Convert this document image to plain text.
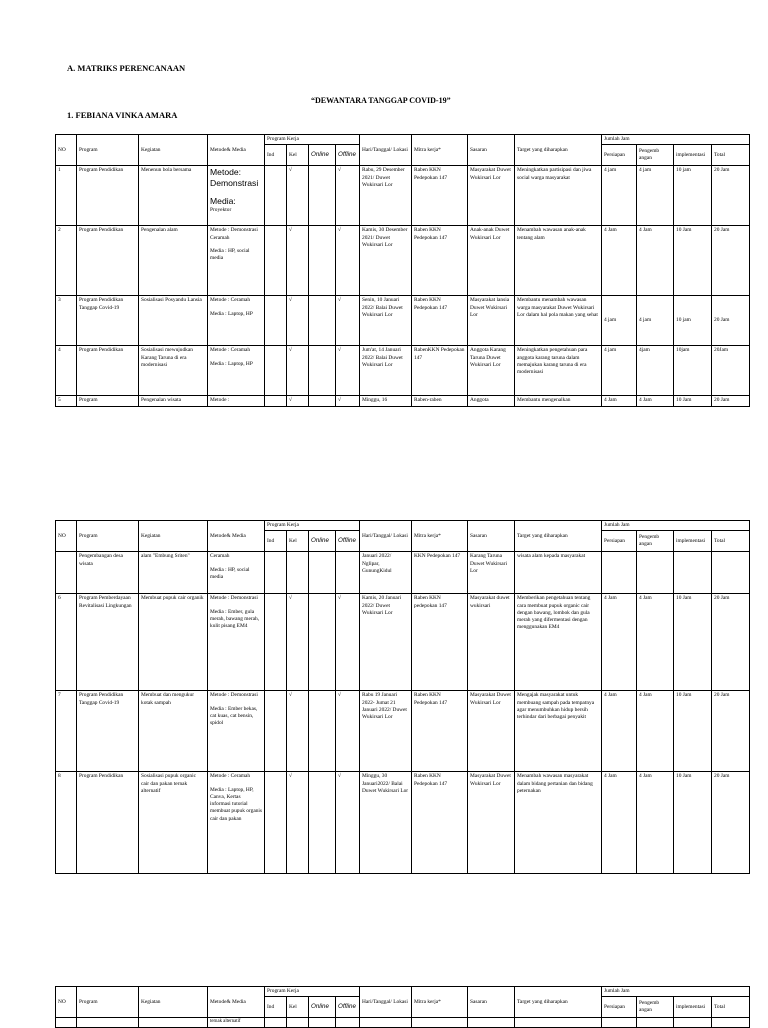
A. MATRIKS PERENCANAAN
“DEWANTARA TANGGAP COVID-19”
1. FEBIANA VINKA AMARA
NO	Program	Kegiatan	Metode& Media	Program Kerja				Hari/Tanggal/ Lokasi	Mitra kerja*	Sasaran	Target yang diharapkan	Jumlah Jam			
				Ind	Kel	Online	Offline					Persiapan	Pengemb angan	implementasi	Total
1	Program Pendidikan	Menenun bola bersama	Metode: Demonstrasi
Media:
Proyektor		√		√	Rabu, 29 Desember 2021/ Duwet Wukirsari Lor	Raben KKN Pedepokan 147	Masyarakat Duwet Wukirsari Lor	Meningkatkan partisipasi dan jiwa social warga masyarakat	4 jam	4 jam	10 jam	20 Jam
2	Program Pendidikan	Pengenalan alam	Metode : Demonstrasi Ceramah
Media : HP, social media		√		√	Kamis, 30 Desember 2021/ Duwet Wukirsari Lor	Raben KKN Pedepokan 147	Anak-anak Duwet Wukirsari Lor	Menambah wawasan anak-anak tentang alam	4 Jam	4 Jam	10 Jam	20 Jam
3	Program Pendidikan Tanggap Covid-19	Sosialisasi Posyandu Lansia	Metode : Ceramah
Media : Laptop, HP		√		√	Senin, 10 Januari 2022/ Balai Duwet Wukirsari Lor	Raben KKN Pedepokan 147	Masyarakat lansia Duwet Wukirsari Lor	Membantu menambah wawasan warga masyarakat Duwet Wukirsari Lor dalam hal pola makan yang sehat	4 jam	4 jam	10 jam	20 Jam
4	Program Pendidikan	Sosialisasi mewujudkan Karang Taruna di era modernisasi	Metode : Ceramah
Media : Laptop, HP		√		√	Jum'at, 14 Januari 2022/ Balai Duwet Wukirsari Lor	RabenKKN Pedepokan 147	Anggota Karang Taruna Duwet Wukirsari Lor	Meningkatkan pengetahuan para anggota karang taruna dalam memajukan karang taruna di era modernisasi	4 jam	4jam	10jam	20Jam
5	Program	Pengenalan wisata	Metode :		√		√	Minggu, 16	Raben-raben	Anggota	Membantu mengenalkan	4 Jam	4 Jam	10 Jam	20 Jam
NO	Program	Kegiatan	Metode& Media	Program Kerja				Hari/Tanggal/ Lokasi	Mitra kerja*	Sasaran	Target yang diharapkan	Jumlah Jam			
				Ind	Kel	Online	Offline					Persiapan	Pengemb angan	implementasi	Total
	Pengembangan desa wisata	alam "Embung Sriten"	Ceramah
Media : HP, social media					Januari 2022/ Nglipar, GunungKidul	KKN Pedepokan 147	Karang Taruna Duwet Wukirsari Lor	wisata alam kepada masyarakat				
6	Program Pemberdayaan Revitalisasi Lingkungan	Membuat pupuk cair organik	Metode : Demonstrasi
Media : Ember, gula merah, bawang merah, kulit pisang EM4		√		√	Kamis, 20 Januari 2022/ Duwet Wukirsari Lor	Raben KKN pedepokan 147	Masyarakat duwet wukirsari	Memberikan pengetahuan tentang cara membuat pupuk organic cair dengan bawang, lombok dan gula merah yang difermentasi dengan menggunakan EM4	4 Jam	4 Jam	10 Jam	20 Jam
7	Program Pendidikan Tanggap Covid-19	Membuat dan mengukur kotak sampah	Metode : Demonstrasi
Media : Ember bekas, cat kuas, cat bensin, spidol		√		√	Rabu 19 Januari 2022- Jumat 21 Januari 2022/ Duwet Wukirsari Lor	Raben KKN Pedepokan 147	Masyarakat Duwet Wukirsari Lor	Mengajak masyarakat untuk membuang sampah pada tempatnya agar menumbuhkan hidup bersih terhindar dari berbagai penyakit	4 Jam	4 Jam	10 Jam	20 Jam
8	Program Pendidikan	Sosialisasi pupuk organic cair dan pakan ternak alternatif	Metode : Ceramah
Media : Laptop, HP, Canva, Kertas informasi tutorial membuat pupuk organis cair dan pakan		√		√	Minggu, 30 Januari2022/ Balai Duwet Wukirsari Lor	Raben KKN Pedepokan 147	Masyarakat Duwet Wukirsari Lor	Menambah wawasan masyarakat dalam bidang pertanian dan bidang peternakan	4 Jam	4 Jam	10 Jam	20 Jam
NO	Program	Kegiatan	Metode& Media	Program Kerja				Hari/Tanggal/ Lokasi	Mitra kerja*	Sasaran	Target yang diharapkan	Jumlah Jam			
				Ind	Kel	Online	Offline					Persiapan	Pengemb angan	implementasi	Total
			ternak alternatif												
